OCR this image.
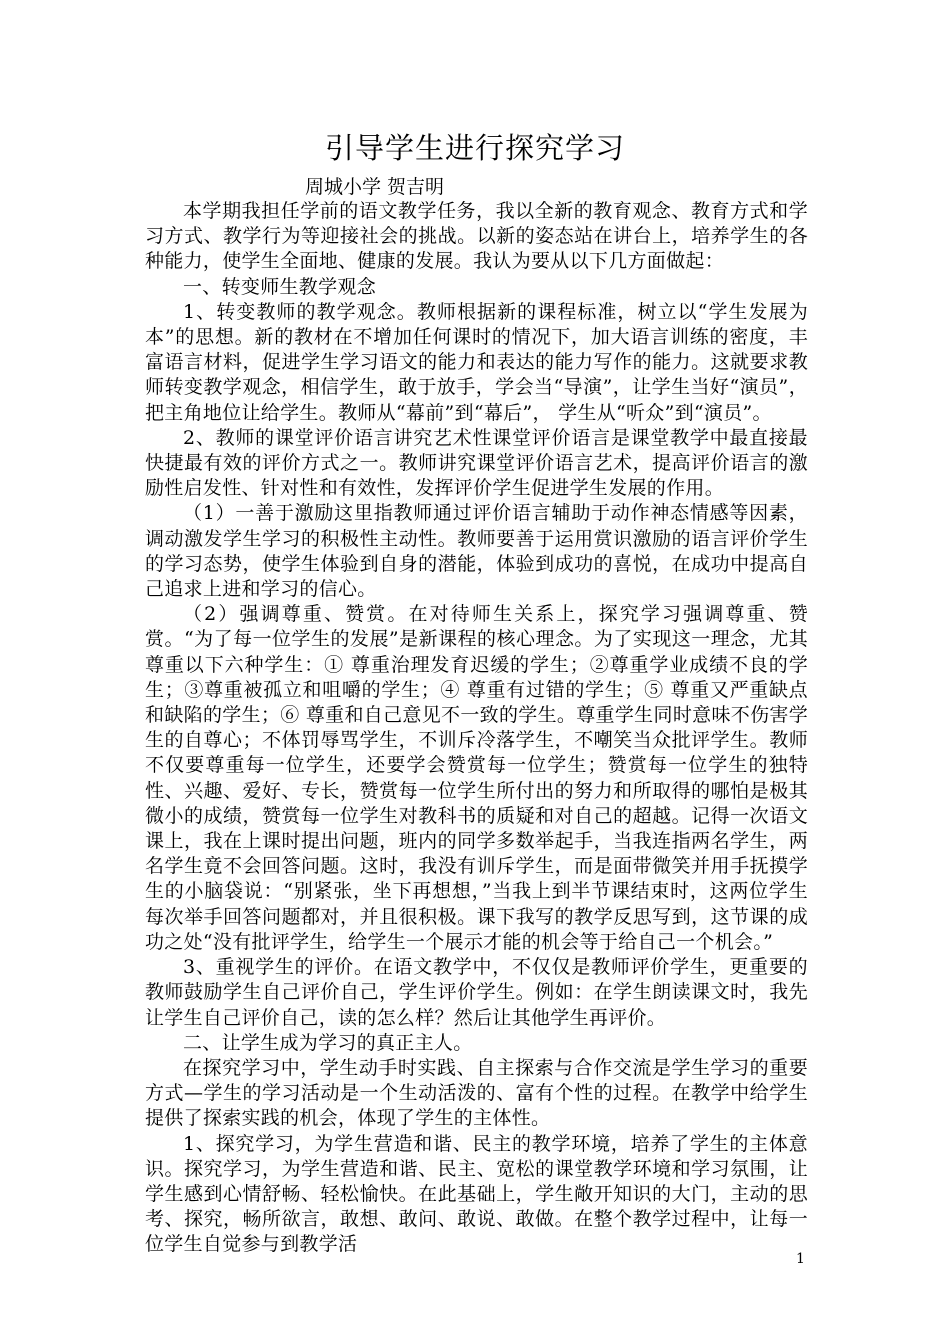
引导学生进行探究学习

周城小学 贺吉明

本学期我担任学前的语文教学任务，我以全新的教育观念、教育方式和学习方式、教学行为等迎接社会的挑战。以新的姿态站在讲台上，培养学生的各种能力，使学生全面地、健康的发展。我认为要从以下几方面做起：

一、转变师生教学观念

1、转变教师的教学观念。教师根据新的课程标准，树立以“学生发展为本”的思想。新的教材在不增加任何课时的情况下，加大语言训练的密度，丰富语言材料，促进学生学习语文的能力和表达的能力写作的能力。这就要求教师转变教学观念，相信学生，敢于放手，学会当“导演”，让学生当好“演员”，把主角地位让给学生。教师从“幕前”到“幕后”， 学生从“听众”到“演员”。

2、教师的课堂评价语言讲究艺术性课堂评价语言是课堂教学中最直接最快捷最有效的评价方式之一。教师讲究课堂评价语言艺术，提高评价语言的激励性启发性、针对性和有效性，发挥评价学生促进学生发展的作用。

（1）一善于激励这里指教师通过评价语言辅助于动作神态情感等因素，调动激发学生学习的积极性主动性。教师要善于运用赏识激励的语言评价学生的学习态势，使学生体验到自身的潜能，体验到成功的喜悦，在成功中提高自己追求上进和学习的信心。

（2）强调尊重、赞赏。在对待师生关系上，探究学习强调尊重、赞赏。“为了每一位学生的发展”是新课程的核心理念。为了实现这一理念，尤其尊重以下六种学生：① 尊重治理发育迟缓的学生；②尊重学业成绩不良的学生；③尊重被孤立和咀嚼的学生；④ 尊重有过错的学生；⑤ 尊重又严重缺点和缺陷的学生；⑥ 尊重和自己意见不一致的学生。尊重学生同时意味不伤害学生的自尊心；不体罚辱骂学生，不训斥冷落学生，不嘲笑当众批评学生。教师不仅要尊重每一位学生，还要学会赞赏每一位学生；赞赏每一位学生的独特性、兴趣、爱好、专长，赞赏每一位学生所付出的努力和所取得的哪怕是极其微小的成绩，赞赏每一位学生对教科书的质疑和对自己的超越。记得一次语文课上，我在上课时提出问题，班内的同学多数举起手，当我连指两名学生，两名学生竟不会回答问题。这时，我没有训斥学生，而是面带微笑并用手抚摸学生的小脑袋说：“别紧张，坐下再想想，”当我上到半节课结束时，这两位学生每次举手回答问题都对，并且很积极。课下我写的教学反思写到，这节课的成功之处“没有批评学生，给学生一个展示才能的机会等于给自己一个机会。”

3、重视学生的评价。在语文教学中，不仅仅是教师评价学生，更重要的教师鼓励学生自己评价自己，学生评价学生。例如：在学生朗读课文时，我先让学生自己评价自己，读的怎么样？然后让其他学生再评价。

二、让学生成为学习的真正主人。

在探究学习中，学生动手时实践、自主探索与合作交流是学生学习的重要方式—学生的学习活动是一个生动活泼的、富有个性的过程。在教学中给学生提供了探索实践的机会，体现了学生的主体性。

1、探究学习，为学生营造和谐、民主的教学环境，培养了学生的主体意识。探究学习，为学生营造和谐、民主、宽松的课堂教学环境和学习氛围，让学生感到心情舒畅、轻松愉快。在此基础上，学生敞开知识的大门，主动的思考、探究，畅所欲言，敢想、敢问、敢说、敢做。在整个教学过程中，让每一位学生自觉参与到教学活

1
